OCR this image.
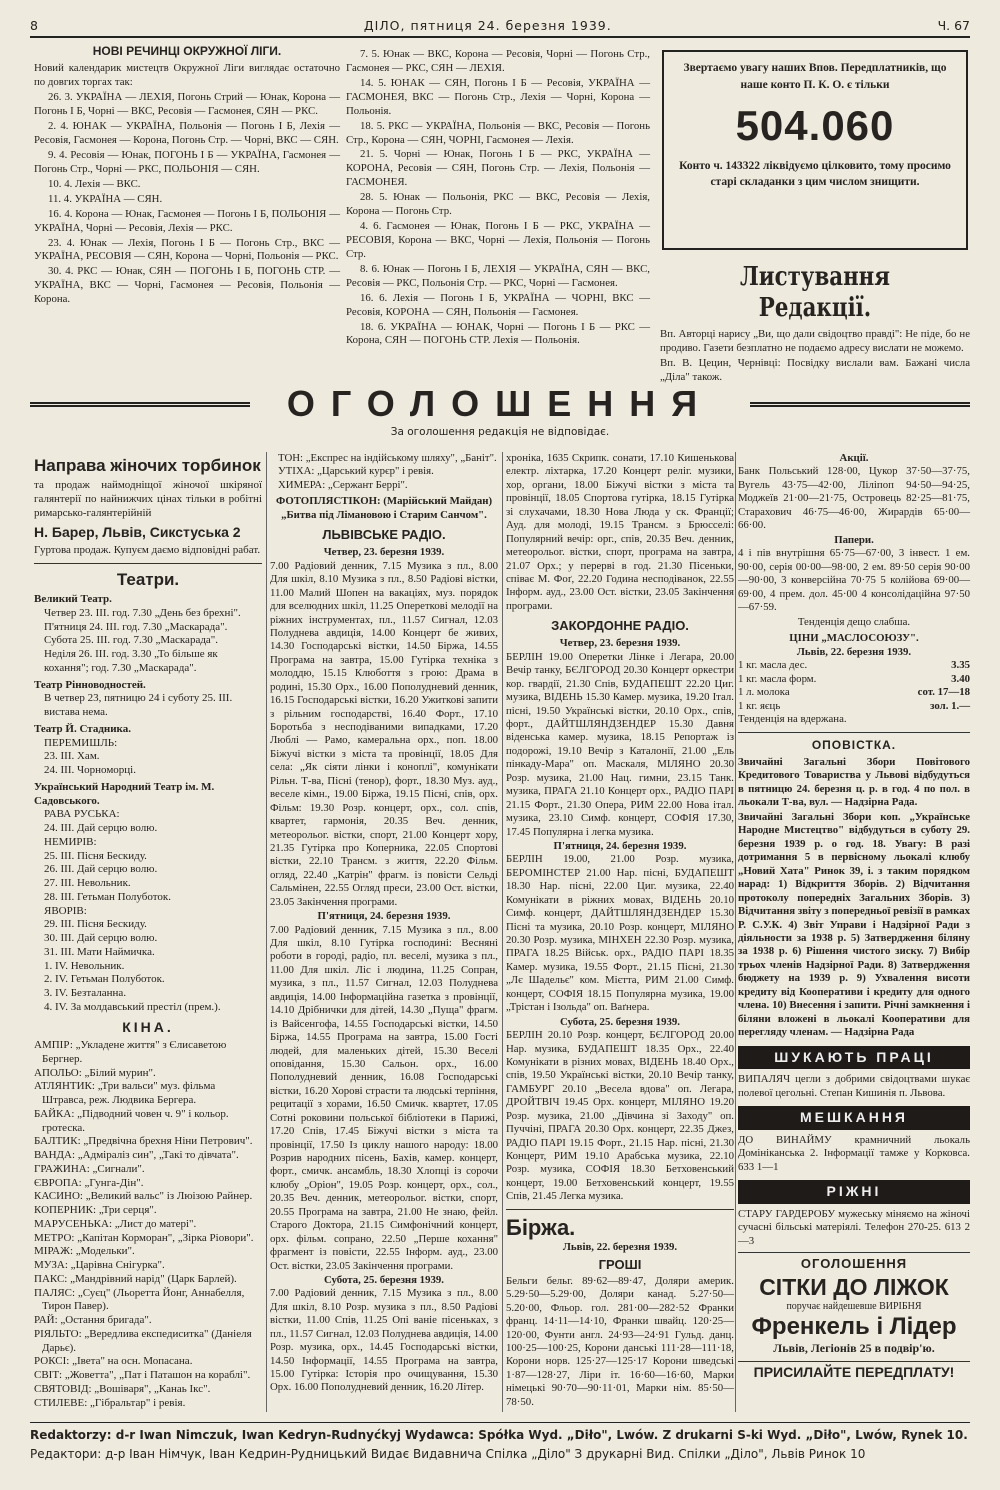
8	ДІЛО, пятниця 24. березня 1939.	Ч. 67
НОВІ РЕЧИНЦІ ОКРУЖНОЇ ЛІГИ.

Новий календарик мистецтв Окружної Ліги виглядає остаточно по довгих торгах так:

26. 3. УКРАЇНА — ЛЕХІЯ, Погонь Стрий — Юнак, Корона — Погонь І Б, Чорні — ВКС, Ресовія — Гасмонея, СЯН — РКС.

2. 4. ЮНАК — УКРАЇНА, Польонія — Погонь І Б, Лехія — Ресовія, Гасмонея — Корона, Погонь Стр. — Чорні, ВКС — СЯН.

9. 4. Ресовія — Юнак, ПОГОНЬ І Б — УКРАЇНА, Гасмонея — Погонь Стр., Чорні — РКС, ПОЛЬОНІЯ — СЯН.

10. 4. Лехія — ВКС.

11. 4. УКРАЇНА — СЯН.

16. 4. Корона — Юнак, Гасмонея — Погонь І Б, ПОЛЬОНІЯ — УКРАЇНА, Чорні — Ресовія, Лехія — РКС.

23. 4. Юнак — Лехія, Погонь І Б — Погонь Стр., ВКС — УКРАЇНА, РЕСОВІЯ — СЯН, Корона — Чорні, Польонія — РКС.

30. 4. РКС — Юнак, СЯН — ПОГОНЬ І Б, ПОГОНЬ СТР. — УКРАЇНА, ВКС — Чорні, Гасмонея — Ресовія, Польонія — Корона.

7. 5. Юнак — ВКС, Корона — Ресовія, Чорні — Погонь Стр., Гасмонея — РКС, СЯН — ЛЕХІЯ.

14. 5. ЮНАК — СЯН, Погонь І Б — Ресовія, УКРАЇНА — ГАСМОНЕЯ, ВКС — Погонь Стр., Лехія — Чорні, Корона — Польонія.

18. 5. РКС — УКРАЇНА, Польонія — ВКС, Ресовія — Погонь Стр., Корона — СЯН, ЧОРНІ, Гасмонея — Лехія.

21. 5. Чорні — Юнак, Погонь І Б — РКС, УКРАЇНА — КОРОНА, Ресовія — СЯН, Погонь Стр. — Лехія, Польонія — ГАСМОНЕЯ.

28. 5. Юнак — Польонія, РКС — ВКС, Ресовія — Лехія, Корона — Погонь Стр.

4. 6. Гасмонея — Юнак, Погонь І Б — РКС, УКРАЇНА — РЕСОВІЯ, Корона — ВКС, Чорні — Лехія, Польонія — Погонь Стр.

8. 6. Юнак — Погонь І Б, ЛЕХІЯ — УКРАЇНА, СЯН — ВКС, Ресовія — РКС, Польонія Стр. — РКС, Чорні — Гасмонея.

16. 6. Лехія — Погонь І Б, УКРАЇНА — ЧОРНІ, ВКС — Ресовія, КОРОНА — СЯН, Польонія — Гасмонея.

18. 6. УКРАЇНА — ЮНАК, Чорні — Погонь І Б — РКС — Корона, СЯН — ПОГОНЬ СТР. Лехія — Польонія.

Звертаємо увагу наших Впов. Передплатників, що наше конто П. К. О. є тільки

504.060

Конто ч. 143322 ліквідуємо цілковито, тому просимо старі складанки з цим числом знищити.

Листування Редакції.

Вп. Авторці нарису „Ви, що дали свідоцтво правді": Не піде, бо не продиво. Газети безплатно не подаємо адресу вислати не можемо.

Вп. В. Цецин, Чернівці: Посвідку вислали вам. Бажані числа „Діла" також.

ОГОЛОШЕННЯ
За оголошення редакція не відповідає.
Направа жіночих торбинок

та продаж наймодніщої жіночої шкіряної галянтерії по найнижчих цінах тільки в робітні римарсько-галянтерійній

Н. Барер, Львів, Сикстуська 2

Гуртова продаж. Купуєм даємо відповідні рабат.

Театри.
Великий Театр.
Четвер 23. III. год. 7.30 „День без брехні".
П'ятниця 24. III. год. 7.30 „Маскарада".
Субота 25. III. год. 7.30 „Маскарада".
Неділя 26. III. год. 3.30 „То більше як кохання"; год. 7.30 „Маскарада".
Театр Рінноводностей.
В четвер 23, пятницю 24 і суботу 25. III. вистава нема.
Театр Й. Стадника.
ПЕРЕМИШЛЬ:
23. III. Хам.
24. III. Чорноморці.
Український Народний Театр ім. М. Садовського.
РАВА РУСЬКА:
24. III. Дай серцю волю.
НЕМИРІВ:
25. III. Пісня Бескиду.
26. III. Дай серцю волю.
27. III. Невольник.
28. III. Гетьман Полуботок.
ЯВОРІВ:
29. III. Пісня Бескиду.
30. III. Дай серцю волю.
31. III. Мати Наймичка.
1. IV. Невольник.
2. IV. Гетьман Полуботок.
3. IV. Безталанна.
4. IV. За молдавський престіл (прем.).
КІНА.
АМПІР: „Укладене життя" з Єлисаветою Бергнер.
АПОЛЬО: „Білий мурин".
АТЛЯНТИК: „Три вальси" муз. фільма Штравса, реж. Людвика Бергера.
БАЙКА: „Підводний човен ч. 9" і кольор. гротеска.
БАЛТИК: „Предвічна брехня Ніни Петрович".
ВАНДА: „Адміраліз син", „Такі то дівчата".
ГРАЖИНА: „Сигнали".
ЄВРОПА: „Гунга-Дін".
КАСИНО: „Великий вальс" із Люізою Райнер.
КОПЕРНИК: „Три серця".
МАРУСЕНЬКА: „Лист до матері".
МЕТРО: „Капітан Корморан", „Зірка Ріовори".
МІРАЖ: „Модельки".
МУЗА: „Царівна Снігурка".
ПАКС: „Мандрівний нарід" (Царк Барлей).
ПАЛЯС: „Суєц" (Льоретта Йонг, Аннабелля, Тирон Павер).
РАЙ: „Остання бригада".
РІЯЛЬТО: „Вередлива експедиситка" (Даніеля Дарьє).
РОКСІ: „Івета" на осн. Мопасана.
СВІТ: „Жоветта", „Пат і Паташон на кораблі".
СВЯТОВІД: „Вошіваря", „Канаь Ікс".
СТИЛЕВЕ: „Гібральтар" і ревія.
ТОН: „Експрес на індійському шляху", „Баніт".
УТІХА: „Царський курєр" і ревія.
ХИМЕРА: „Сержант Беррі".
ФОТОПЛЯСТІКОН: (Марійський Майдан)
„Битва під Лімановою і Старим Санчом".
ЛЬВІВСЬКЕ РАДІО.
Четвер, 23. березня 1939.

7.00 Радіовий денник, 7.15 Музика з пл., 8.00 Для шкіл, 8.10 Музика з пл., 8.50 Радіові вістки, 11.00 Малий Шопен на вакаціях, муз. порядок для вселюдних шкіл, 11.25 Опереткові мелодії на ріжних інструментах, пл., 11.57 Сигнал, 12.03 Полуднева авдиція, 14.00 Концерт бе живих, 14.30 Господарські вістки, 14.50 Біржа, 14.55 Програма на завтра, 15.00 Гутірка техніка з молоддю, 15.15 Клюбоття з грою: Драма в родині, 15.30 Орх., 16.00 Пополудневий денник, 16.15 Господарські вістки, 16.20 Ужиткові запити з рільним господарстві, 16.40 Форт., 17.10 Боротьба з несподіваними випадками, 17.20 Люблі — Рамо, камеральна орх., поп. 18.00 Біжучі вістки з міста та провінції, 18.05 Для села: „Як сіяти лінки і коноплі", комунікати Рільн. Т-ва, Пісні (тенор), форт., 18.30 Муз. ауд., веселе кімн., 19.00 Біржа, 19.15 Пісні, спів, орх. Фільм: 19.30 Розр. концерт, орх., сол. спів, квартет, гармонія, 20.35 Веч. денник, метеорольог. вістки, спорт, 21.00 Концерт хору, 21.35 Гутірка про Коперника, 22.05 Спортові вістки, 22.10 Трансм. з життя, 22.20 Фільм. огляд, 22.40 „Катрін" фрагм. із повісти Сельді Сальмінен, 22.55 Огляд преси, 23.00 Ост. вістки, 23.05 Закінчення програми.

П'ятниця, 24. березня 1939.

7.00 Радіовий денник, 7.15 Музика з пл., 8.00 Для шкіл, 8.10 Гутірка господині: Весняні роботи в городі, радіо, пл. веселі, музика з пл., 11.00 Для шкіл. Ліс і людина, 11.25 Сопран, музика, з пл., 11.57 Сигнал, 12.03 Полуднева авдиція, 14.00 Інформаційна газетка з провінції, 14.10 Дрібнички для дітей, 14.30 „Пуща" фрагм. із Вайсенгофа, 14.55 Господарські вістки, 14.50 Біржа, 14.55 Програма на завтра, 15.00 Гості людей, для маленьких дітей, 15.30 Веселі оповідання, 15.30 Сальон. орх., 16.00 Пополудневий денник, 16.08 Господарські вістки, 16.20 Хорові страсти та людські терпіння, рецитації з хорами, 16.50 Смичк. квартет, 17.05 Сотні роковини польської бібліотеки в Парижі, 17.20 Спів, 17.45 Біжучі вістки з міста та провінції, 17.50 Із циклу нашого народу: 18.00 Розрив народних пісень, Бахів, камер. концерт, форт., смичк. ансамбль, 18.30 Хлопці із сорочи клюбу „Оріон", 19.05 Розр. концерт, орх., сол., 20.35 Веч. денник, метеорольог. вістки, спорт, 20.55 Програма на завтра, 21.00 Не знаю, фейл. Старого Доктора, 21.15 Симфонічний концерт, орх. фільм. сопрано, 22.50 „Перше кохання" фрагмент із повісти, 22.55 Інформ. ауд., 23.00 Ост. вістки, 23.05 Закінчення програми.

Субота, 25. березня 1939.

7.00 Радіовий денник, 7.15 Музика з пл., 8.00 Для шкіл, 8.10 Розр. музика з пл., 8.50 Радіові вістки, 11.00 Спів, 11.25 Опі ваніе пісеньках, з пл., 11.57 Сигнал, 12.03 Полуднева авдиція, 14.00 Розр. музика, орх., 14.45 Господарські вістки, 14.50 Інформації, 14.55 Програма на завтра, 15.00 Гутірка: Історія про очищування, 15.30 Орх. 16.00 Пополудневий денник, 16.20 Літер.

хроніка, 1635 Скрипк. сонати, 17.10 Кишенькова електр. ліхтарка, 17.20 Концерт реліг. музики, хор, органи, 18.00 Біжучі вістки з міста та провінції, 18.05 Спортова гутірка, 18.15 Гутірка зі слухачами, 18.30 Нова Люда у ск. Франції; Ауд. для молоді, 19.15 Трансм. з Брюсселі: Популярний вечір: орг., спів, 20.35 Веч. денник, метеорольог. вістки, спорт, програма на завтра, 21.07 Орх.; у перерві в год. 21.30 Пісеньки, співає М. Фоґ, 22.20 Година несподіванок, 22.55 Інформ. ауд., 23.00 Ост. вістки, 23.05 Закінчення програми.

ЗАКОРДОННЕ РАДІО.
Четвер, 23. березня 1939.

БЕРЛІН 19.00 Оперетки Лінке і Легара, 20.00 Вечір танку, БЄЛГОРОД 20.30 Концерт оркестри кор. гвардії, 21.30 Спів, БУДАПЕШТ 22.20 Циг. музика, ВІДЕНЬ 15.30 Камер. музика, 19.20 Італ. пісні, 19.50 Українські вістки, 20.10 Орх., спів, форт., ДАЙТШЛЯНДЗЕНДЕР 15.30 Давня віденська камер. музика, 18.15 Репортаж із подорожі, 19.10 Вечір з Каталонії, 21.00 „Ель пінкаду-Мара" оп. Маскаля, МІЛЯНО 20.30 Розр. музика, 21.00 Нац. гимни, 23.15 Танк. музика, ПРАГА 21.10 Концерт орх., РАДІО ПАРІ 21.15 Форт., 21.30 Опера, РИМ 22.00 Нова італ. музика, 23.10 Симф. концерт, СОФІЯ 17.30, 17.45 Популярна і легка музика.

П'ятниця, 24. березня 1939.

БЕРЛІН 19.00, 21.00 Розр. музика, БЕРОМІНСТЕР 21.00 Нар. пісні, БУДАПЕШТ 18.30 Нар. пісні, 22.00 Циг. музика, 22.40 Комунікати в ріжних мовах, ВІДЕНЬ 20.10 Симф. концерт, ДАЙТШЛЯНДЗЕНДЕР 15.30 Пісні та музика, 20.10 Розр. концерт, МІЛЯНО 20.30 Розр. музика, МІНХЕН 22.30 Розр. музика, ПРАГА 18.25 Військ. орх., РАДІО ПАРІ 18.35 Камер. музика, 19.55 Форт., 21.15 Пісні, 21.30 „Лє Шадельє" ком. Мієтта, РИМ 21.00 Симф. концерт, СОФІЯ 18.15 Популярна музика, 19.00 „Трістан і Ізольда" оп. Ваґнера.

Субота, 25. березня 1939.

БЕРЛІН 20.10 Розр. концерт, БЄЛГОРОД 20.00 Нар. музика, БУДАПЕШТ 18.35 Орх., 22.40 Комунікати в різних мовах, ВІДЕНЬ 18.40 Орх., спів, 19.50 Українські вістки, 20.10 Вечір танку, ГАМБУРГ 20.10 „Весела вдова" оп. Легара, ДРОЙТВІЧ 19.45 Орх. концерт, МІЛЯНО 19.20 Розр. музика, 21.00 „Дівчина зі Заходу" оп. Пуччіні, ПРАГА 20.30 Орх. концерт, 22.35 Джез, РАДІО ПАРІ 19.15 Форт., 21.15 Нар. пісні, 21.30 Концерт, РИМ 19.10 Арабська музика, 22.10 Розр. музика, СОФІЯ 18.30 Бетховенський концерт, 19.00 Бетховенський концерт, 19.55 Спів, 21.45 Легка музика.

Біржа.
Львів, 22. березня 1939.
ГРОШІ

Бельги бельг. 89·62—89·47, Доляри америк. 5.29·50—5.29·00, Доляри канад. 5.27·50—5.20·00, Фльор. гол. 281·00—282·52 Франки франц. 14·11—14·10, Франки швайц. 120·25—120·00, Фунти англ. 24·93—24·91 Гульд. данц. 100·25—100·25, Корони данські 111·28—111·18, Корони норв. 125·27—125·17 Корони шведські 1·87—128·27, Ліри іт. 16·60—16·60, Марки німецькі 90·70—90·11·01, Марки нім. 85·50—78·50.

Акції.

Банк Польський 128·00, Цукор 37·50—37·75, Вугель 43·75—42·00, Ліліпоп 94·50—94·25, Моджеїв 21·00—21·75, Островець 82·25—81·75, Старахович 46·75—46·00, Жирардів 65·00—66·00.

Папери.

4 і пів внутрішня 65·75—67·00, 3 інвест. 1 ем. 90·00, серія 00·00—98·00, 2 ем. 89·50 серія 90·00—90·00, 3 конверсійна 70·75 5 колійова 69·00—69·00, 4 прем. дол. 45·00 4 консолідаційна 97·50—67·59.

Тенденція дещо слабша.
ЦІНИ „МАСЛОСОЮЗУ".
Львів, 22. березня 1939.
1 кг. масла дес.	3.35
1 кг. масла форм.	3.40
1 л. молока	сот. 17—18
1 кг. яєць	зол. 1.—
Тенденція на вдержана.
ОПОВІСТКА.

Звичайні Загальні Збори Повітового Кредитового Товариства у Львові відбудуться в пятницю 24. березня ц. р. в год. 4 по пол. в льокали Т-ва, вул. — Надзірна Рада.

Звичайні Загальні Збори коп. „Українське Народне Мистецтво" відбудуться в суботу 29. березня 1939 р. о год. 18. Увагу: В разі дотримання 5 в первісному льокалі клюбу „Новий Хата" Ринок 39, і. з таким порядком нарад: 1) Відкриття Зборів. 2) Відчитання протоколу попередніх Загальних Зборів. 3) Відчитання звіту з попередньої ревізії в рамках Р. С.У.К. 4) Звіт Управи і Надзірної Ради з діяльности за 1938 р. 5) Затвердження біляну за 1938 р. 6) Рішення чистого зиску. 7) Вибір трьох членів Надзірної Ради. 8) Затвердження бюджету на 1939 р. 9) Ухвалення висоти кредиту від Кооперативи і кредиту для одного члена. 10) Внесення і запити. Річні замкнення і біляни вложені в льокалі Кооперативи для перегляду членам. — Надзірна Рада

ШУКАЮТЬ ПРАЦІ

ВИПАЛЯЧ цегли з добрими свідоцтвами шукає полевої цегольні. Степан Кишинія п. Львова.

МЕШКАННЯ

ДО ВИНАЙМУ крамничний льокаль Домініканська 2. Інформації тамже у Корковса. 633 1—1

РІЖНІ

СТАРУ ГАРДЕРОБУ мужеську міняємо на жіночі сучасні більські матеріялі. Телефон 270-25. 613 2—3

ОГОЛОШЕННЯ
СІТКИ ДО ЛІЖОК
поручає найдешевше ВИРІБНЯ
Френкель і Лідер
Львів, Легіонів 25 в подвір'ю.
ПРИСИЛАЙТЕ ПЕРЕДПЛАТУ!
Redaktorzy: d-r Iwan Nimczuk, Iwan Kedryn-Rudnyćkyj Wydawca: Spółka Wyd. „Diło", Lwów. Z drukarni S-ki Wyd. „Diło", Lwów, Rynek 10.
Редактори: д-р Іван Німчук, Іван Кедрин-Рудницький Видає Видавнича Спілка „Діло" З друкарні Вид. Спілки „Діло", Львів Ринок 10
